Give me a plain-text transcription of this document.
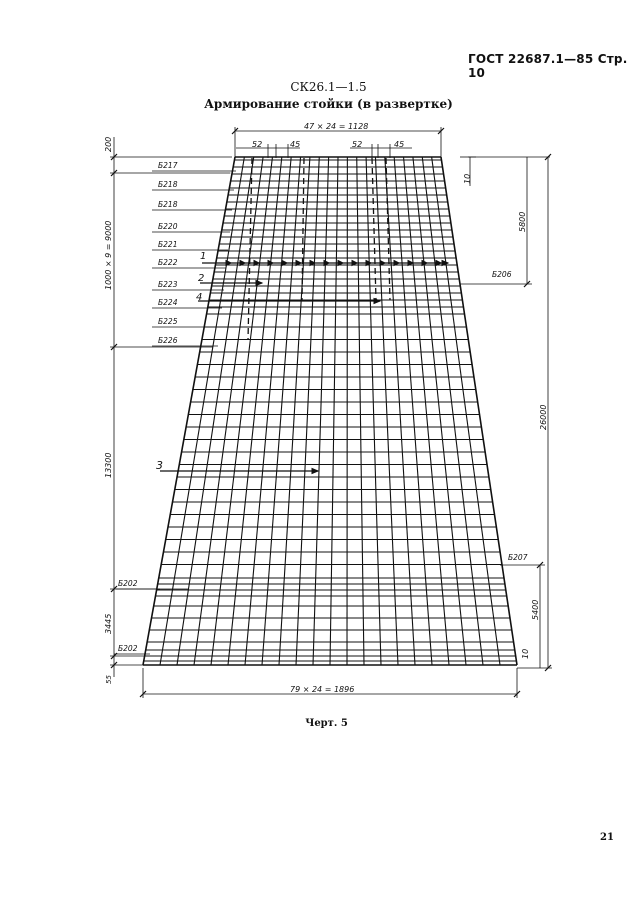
ГОСТ 22687.1—85 Стр. 10
СК26.1—1.5
Армирование стойки (в развертке)
47 × 24 = 1128
52	45	52	45
79 × 24 = 1896
200
1000 × 9 = 9000
13300
3445
55
10
5800
26000
5400
10
Б217
Б218
Б218
Б220
Б221
Б222
Б223
Б224
Б225
Б226
Б202
Б202
Б206
Б207
1
2
4
3
Черт. 5
21
